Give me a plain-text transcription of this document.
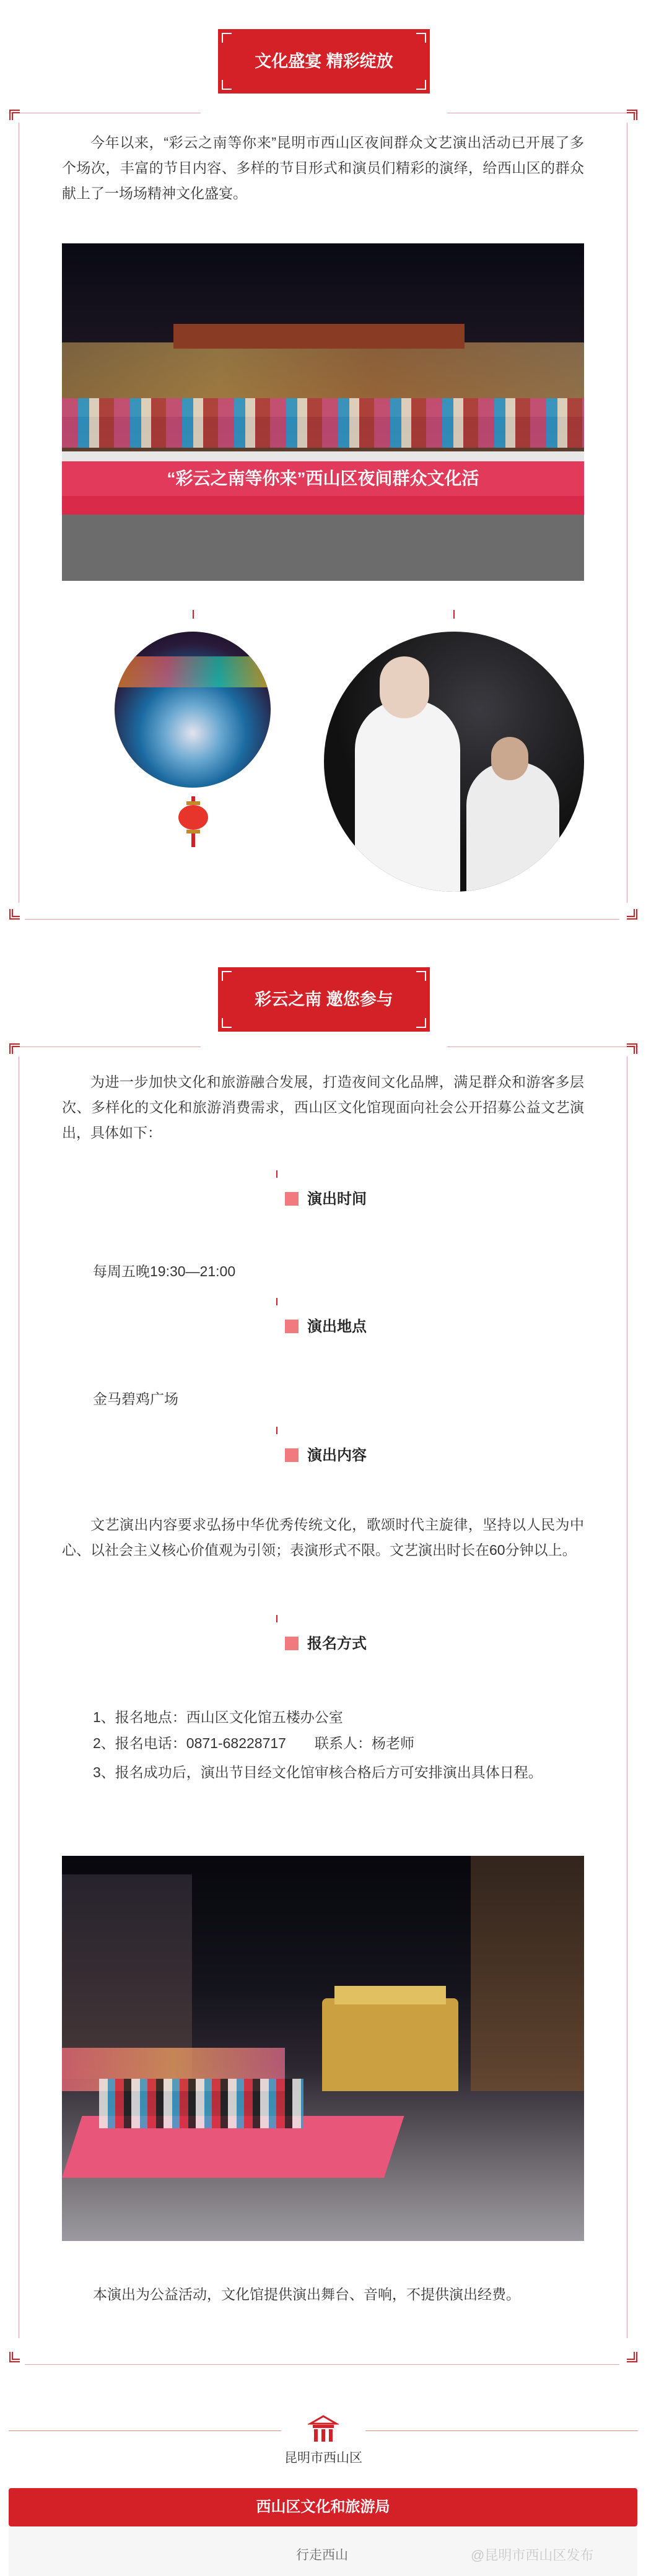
文化盛宴 精彩绽放
今年以来，“彩云之南等你来”昆明市西山区夜间群众文艺演出活动已开展了多个场次，丰富的节目内容、多样的节目形式和演员们精彩的演绎，给西山区的群众献上了一场场精神文化盛宴。
“彩云之南等你来”西山区夜间群众文化活
彩云之南 邀您参与
为进一步加快文化和旅游融合发展，打造夜间文化品牌，满足群众和游客多层次、多样化的文化和旅游消费需求，西山区文化馆现面向社会公开招募公益文艺演出，具体如下：
演出时间
每周五晚19:30—21:00
演出地点
金马碧鸡广场
演出内容
文艺演出内容要求弘扬中华优秀传统文化，歌颂时代主旋律，坚持以人民为中心、以社会主义核心价值观为引领；表演形式不限。文艺演出时长在60分钟以上。
报名方式
1、报名地点：西山区文化馆五楼办公室
2、报名电话：0871-68228717　　联系人：杨老师
3、报名成功后，演出节目经文化馆审核合格后方可安排演出具体日程。
本演出为公益活动，文化馆提供演出舞台、音响，不提供演出经费。
昆明市西山区
西山区文化和旅游局
行走西山	@昆明市西山区发布
